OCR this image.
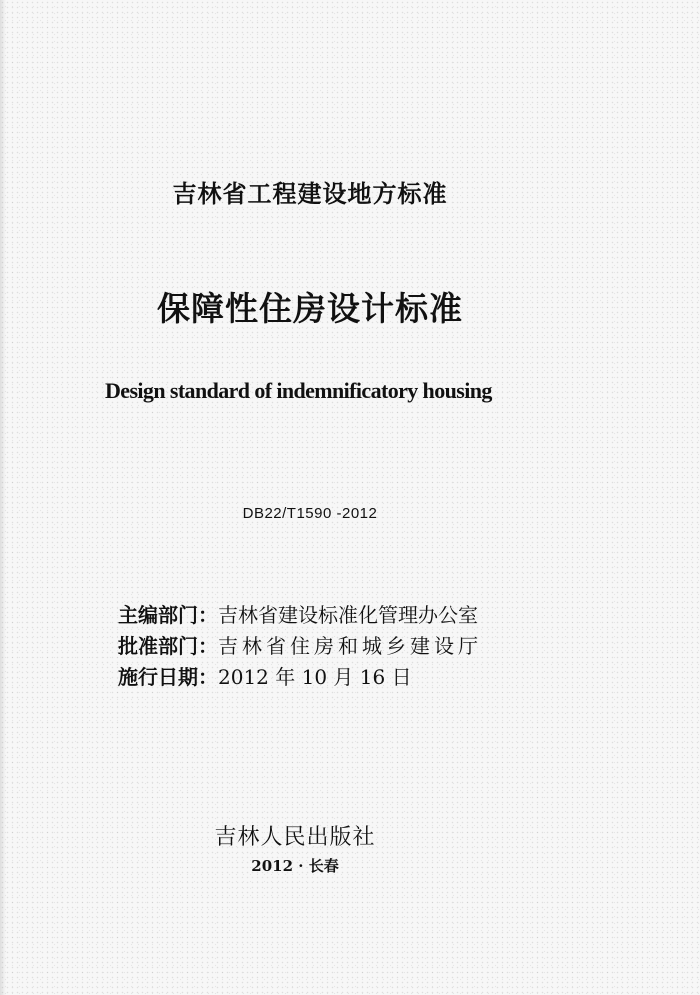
吉林省工程建设地方标准
保障性住房设计标准
Design standard of indemnificatory housing
DB22/T1590 -2012
主编部门：吉林省建设标准化管理办公室
批准部门：吉林省住房和城乡建设厅
施行日期：2012 年 10 月 16 日
吉林人民出版社
2012 · 长春
